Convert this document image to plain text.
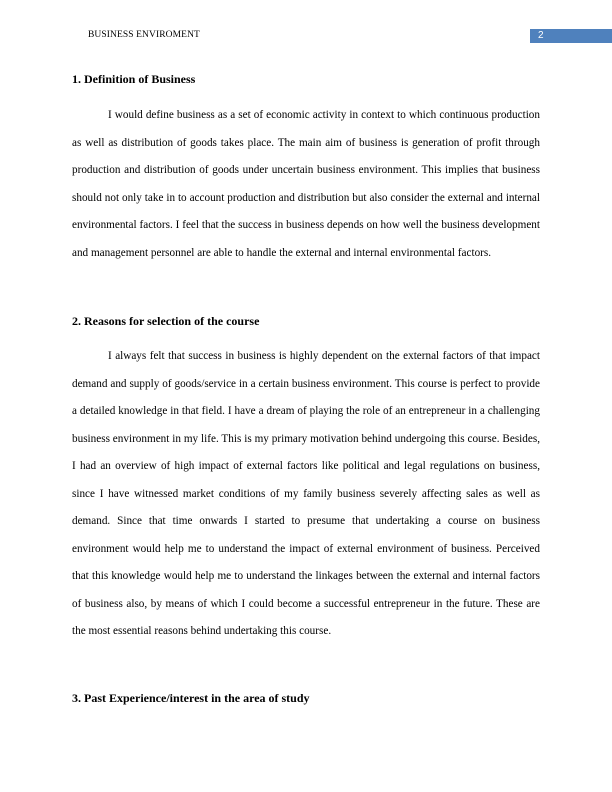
BUSINESS ENVIROMENT	2
1. Definition of Business

I would define business as a set of economic activity in context to which continuous production as well as distribution of goods takes place. The main aim of business is generation of profit through production and distribution of goods under uncertain business environment. This implies that business should not only take in to account production and distribution but also consider the external and internal environmental factors. I feel that the success in business depends on how well the business development and management personnel are able to handle the external and internal environmental factors.

2. Reasons for selection of the course

I always felt that success in business is highly dependent on the external factors of that impact demand and supply of goods/service in a certain business environment. This course is perfect to provide a detailed knowledge in that field. I have a dream of playing the role of an entrepreneur in a challenging business environment in my life. This is my primary motivation behind undergoing this course. Besides, I had an overview of high impact of external factors like political and legal regulations on business, since I have witnessed market conditions of my family business severely affecting sales as well as demand. Since that time onwards I started to presume that undertaking a course on business environment would help me to understand the impact of external environment of business. Perceived that this knowledge would help me to understand the linkages between the external and internal factors of business also, by means of which I could become a successful entrepreneur in the future. These are the most essential reasons behind undertaking this course.

3. Past Experience/interest in the area of study
